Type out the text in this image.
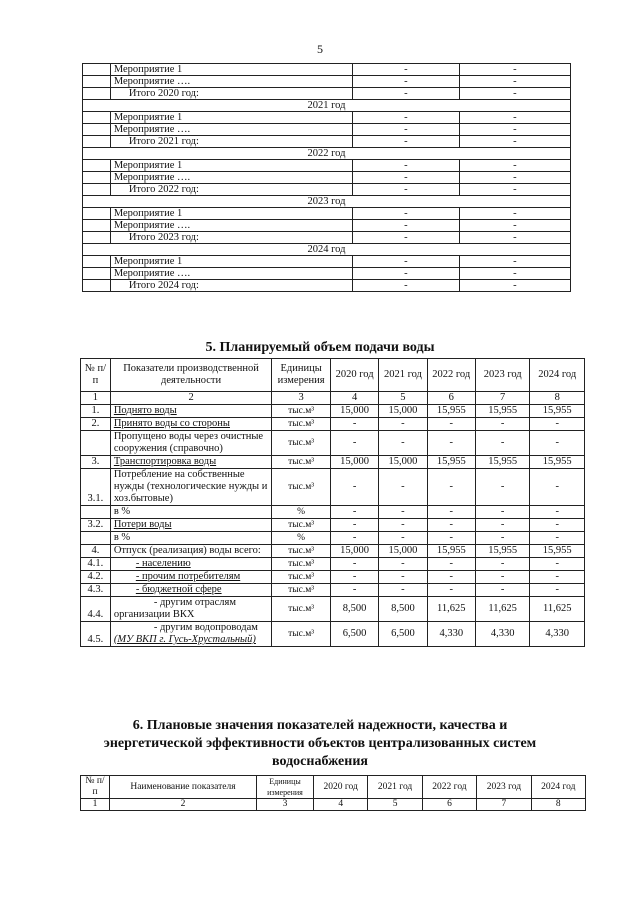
5
	Мероприятие 1	-	-
	Мероприятие ….	-	-
	Итого 2020 год:	-	-
2021 год			
	Мероприятие 1	-	-
	Мероприятие ….	-	-
	Итого 2021 год:	-	-
2022 год			
	Мероприятие 1	-	-
	Мероприятие ….	-	-
	Итого 2022 год:	-	-
2023 год			
	Мероприятие 1	-	-
	Мероприятие ….	-	-
	Итого 2023 год:	-	-
2024 год			
	Мероприятие 1	-	-
	Мероприятие ….	-	-
	Итого 2024 год:	-	-
5. Планируемый объем подачи воды
№ п/п	Показатели производственной деятельности	Единицы измерения	2020 год	2021 год	2022 год	2023 год	2024 год
1	2	3	4	5	6	7	8
1.	Поднято воды	тыс.м³	15,000	15,000	15,955	15,955	15,955
2.	Принято воды со стороны	тыс.м³	-	-	-	-	-
	Пропущено воды через очистные сооружения (справочно)	тыс.м³	-	-	-	-	-
3.	Транспортировка воды	тыс.м³	15,000	15,000	15,955	15,955	15,955
3.1.	Потребление на собственные нужды (технологические нужды и хоз.бытовые)	тыс.м³	-	-	-	-	-
	в %	%	-	-	-	-	-
3.2.	Потери воды	тыс.м³	-	-	-	-	-
	в %	%	-	-	-	-	-
4.	Отпуск (реализация) воды всего:	тыс.м³	15,000	15,000	15,955	15,955	15,955
4.1.	- населению	тыс.м³	-	-	-	-	-
4.2.	- прочим потребителям	тыс.м³	-	-	-	-	-
4.3.	- бюджетной сфере	тыс.м³	-	-	-	-	-
4.4.	- другим отраслям организации ВКХ	тыс.м³	8,500	8,500	11,625	11,625	11,625
4.5.	- другим водопроводам
(МУ ВКП г. Гусь-Хрустальный)	тыс.м³	6,500	6,500	4,330	4,330	4,330
6. Плановые значения показателей надежности, качества и
энергетической эффективности объектов централизованных систем
водоснабжения
№ п/п	Наименование показателя	Единицы измерения	2020 год	2021 год	2022 год	2023 год	2024 год
1	2	3	4	5	6	7	8
